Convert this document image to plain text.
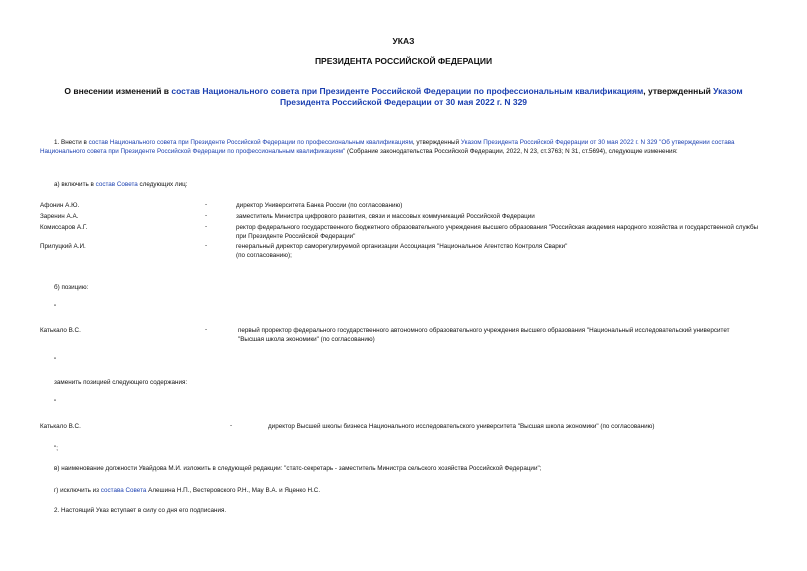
УКАЗ
ПРЕЗИДЕНТА РОССИЙСКОЙ ФЕДЕРАЦИИ
О внесении изменений в состав Национального совета при Президенте Российской Федерации по профессиональным квалификациям, утвержденный Указом Президента Российской Федерации от 30 мая 2022 г. N 329
1. Внести в состав Национального совета при Президенте Российской Федерации по профессиональным квалификациям, утвержденный Указом Президента Российской Федерации от 30 мая 2022 г. N 329 "Об утверждении состава Национального совета при Президенте Российской Федерации по профессиональным квалификациям" (Собрание законодательства Российской Федерации, 2022, N 23, ст.3763; N 31, ст.5694), следующие изменения:
а) включить в состав Совета следующих лиц:
Афонин А.Ю.	-	директор Университета Банка России (по согласованию)
Заренин А.А.	-	заместитель Министра цифрового развития, связи и массовых коммуникаций Российской Федерации
Комиссаров А.Г.	-	ректор федерального государственного бюджетного образовательного учреждения высшего образования "Российская академия народного хозяйства и государственной службы при Президенте Российской Федерации"
Прилуцкий А.И.	-	генеральный директор саморегулируемой организации Ассоциация "Национальное Агентство Контроля Сварки"
(по согласованию);
б) позицию:
"
Катькало В.С.	-	первый проректор федерального государственного автономного образовательного учреждения высшего образования "Национальный исследовательский университет
"Высшая школа экономики" (по согласованию)
"
заменить позицией следующего содержания:
"
Катькало В.С.	-	директор Высшей школы бизнеса Национального исследовательского университета "Высшая школа экономики" (по согласованию)
";
в) наименование должности Увайдова М.И. изложить в следующей редакции: "статс-секретарь - заместитель Министра сельского хозяйства Российской Федерации";
г) исключить из состава Совета Алешина Н.П., Вестеровского Р.Н., Мау В.А. и Яценко Н.С.
2. Настоящий Указ вступает в силу со дня его подписания.
